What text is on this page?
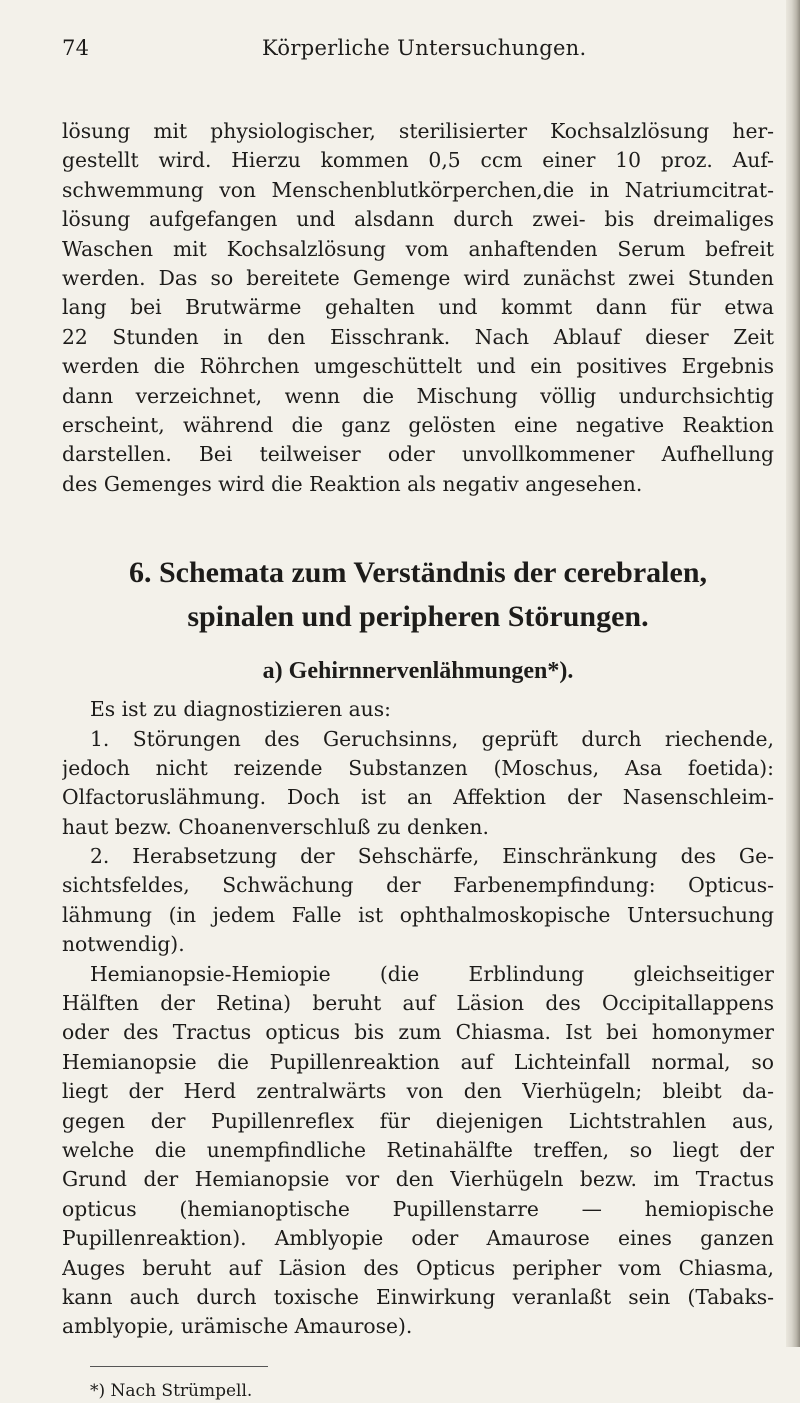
74	Körperliche Untersuchungen.
lösung mit physiologischer, sterilisierter Kochsalzlösung her-
gestellt wird. Hierzu kommen 0,5 ccm einer 10 proz. Auf-
schwemmung von Menschenblutkörperchen,die in Natriumcitrat-
lösung aufgefangen und alsdann durch zwei- bis dreimaliges
Waschen mit Kochsalzlösung vom anhaftenden Serum befreit
werden. Das so bereitete Gemenge wird zunächst zwei Stunden
lang bei Brutwärme gehalten und kommt dann für etwa
22 Stunden in den Eisschrank. Nach Ablauf dieser Zeit
werden die Röhrchen umgeschüttelt und ein positives Ergebnis
dann verzeichnet, wenn die Mischung völlig undurchsichtig
erscheint, während die ganz gelösten eine negative Reaktion
darstellen. Bei teilweiser oder unvollkommener Aufhellung
des Gemenges wird die Reaktion als negativ angesehen.
6. Schemata zum Verständnis der cerebralen,
spinalen und peripheren Störungen.
a) Gehirnnervenlähmungen*).
Es ist zu diagnostizieren aus:
1. Störungen des Geruchsinns, geprüft durch riechende,
jedoch nicht reizende Substanzen (Moschus, Asa foetida):
Olfactoruslähmung. Doch ist an Affektion der Nasenschleim-
haut bezw. Choanenverschluß zu denken.
2. Herabsetzung der Sehschärfe, Einschränkung des Ge-
sichtsfeldes, Schwächung der Farbenempfindung: Opticus-
lähmung (in jedem Falle ist ophthalmoskopische Untersuchung
notwendig).
Hemianopsie-Hemiopie (die Erblindung gleichseitiger
Hälften der Retina) beruht auf Läsion des Occipitallappens
oder des Tractus opticus bis zum Chiasma. Ist bei homonymer
Hemianopsie die Pupillenreaktion auf Lichteinfall normal, so
liegt der Herd zentralwärts von den Vierhügeln; bleibt da-
gegen der Pupillenreflex für diejenigen Lichtstrahlen aus,
welche die unempfindliche Retinahälfte treffen, so liegt der
Grund der Hemianopsie vor den Vierhügeln bezw. im Tractus
opticus (hemianoptische Pupillenstarre — hemiopische
Pupillenreaktion). Amblyopie oder Amaurose eines ganzen
Auges beruht auf Läsion des Opticus peripher vom Chiasma,
kann auch durch toxische Einwirkung veranlaßt sein (Tabaks-
amblyopie, urämische Amaurose).
*) Nach Strümpell.
